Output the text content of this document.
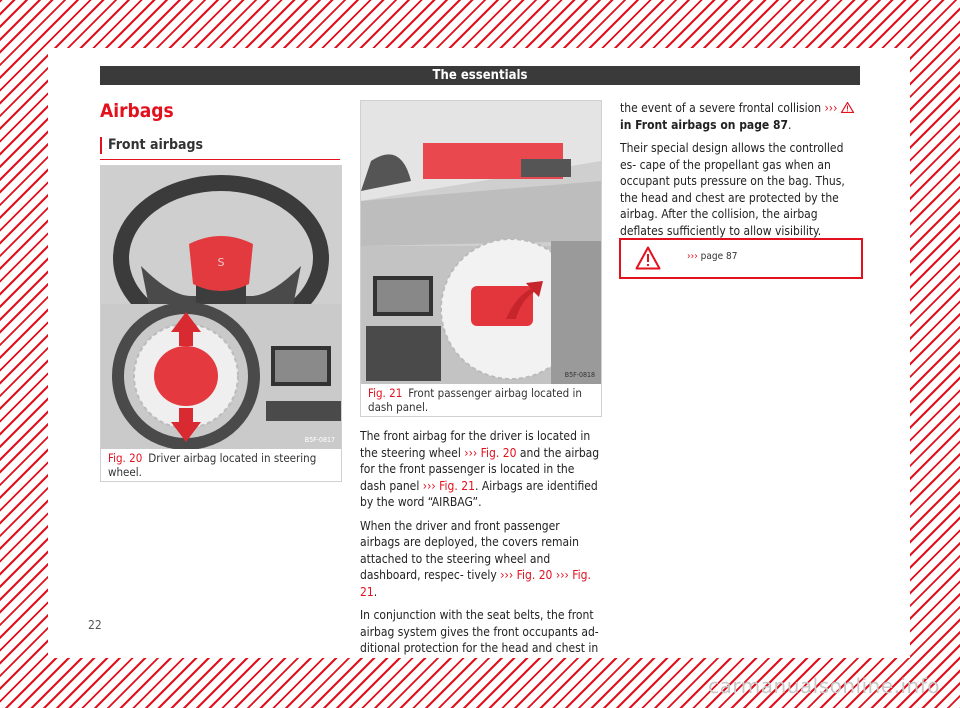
The essentials
Airbags
Front airbags
S
B5F-0817
Fig. 20 Driver airbag located in steering wheel.
B5F-0818
Fig. 21 Front passenger airbag located in dash panel.

The front airbag for the driver is located in the steering wheel ››› Fig. 20 and the airbag for the front passenger is located in the dash panel ››› Fig. 21. Airbags are identified by the word “AIRBAG”.

When the driver and front passenger airbags are deployed, the covers remain attached to the steering wheel and dashboard, respec- tively ››› Fig. 20 ››› Fig. 21.

In conjunction with the seat belts, the front airbag system gives the front occupants ad- ditional protection for the head and chest in

the event of a severe frontal collision ›››  in Front airbags on page 87.

Their special design allows the controlled es- cape of the propellant gas when an occupant puts pressure on the bag. Thus, the head and chest are protected by the airbag. After the collision, the airbag deflates sufficiently to allow visibility.

››› page 87
22
carmanualsonline.info
